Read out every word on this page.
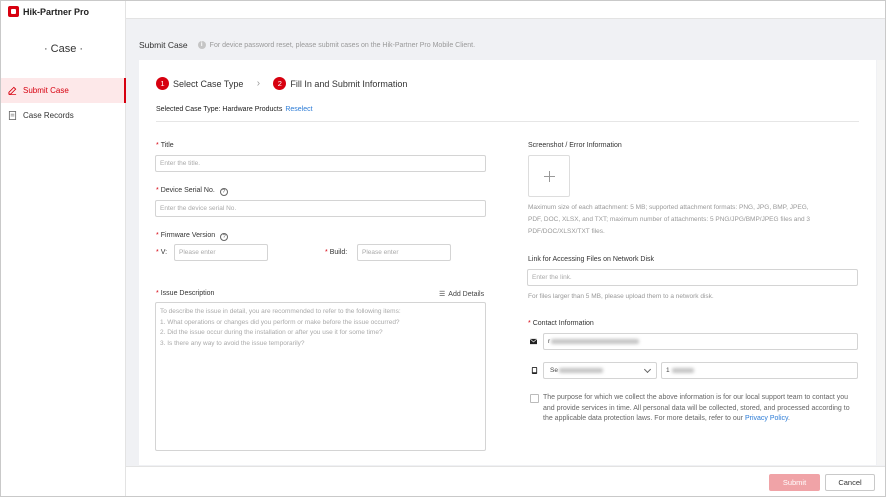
Hik-Partner Pro
· Case ·
Submit Case
Case Records
Submit Case	i	For device password reset, please submit cases on the Hik-Partner Pro Mobile Client.
1 Select Case Type	›	2 Fill In and Submit Information
Selected Case Type: Hardware Products Reselect
* Title
Enter the title.
* Device Serial No. ?
Enter the device serial No.
* Firmware Version ?
* V:	Please enter	* Build:	Please enter
* Issue Description	☰ Add Details
To describe the issue in detail, you are recommended to refer to the following items:
1. What operations or changes did you perform or make before the issue occurred?
2. Did the issue occur during the installation or after you use it for some time?
3. Is there any way to avoid the issue temporarily?
Screenshot / Error Information
Maximum size of each attachment: 5 MB; supported attachment formats: PNG, JPG, BMP, JPEG,
PDF, DOC, XLSX, and TXT; maximum number of attachments: 5 PNG/JPG/BMP/JPEG files and 3
PDF/DOC/XLSX/TXT files.
Link for Accessing Files on Network Disk
Enter the link.
For files larger than 5 MB, please upload them to a network disk.
* Contact Information
r
Se	1
The purpose for which we collect the above information is for our local support team to contact you and provide services in time. All personal data will be collected, stored, and processed according to the applicable data protection laws. For more details, refer to our Privacy Policy.
Submit	Cancel
